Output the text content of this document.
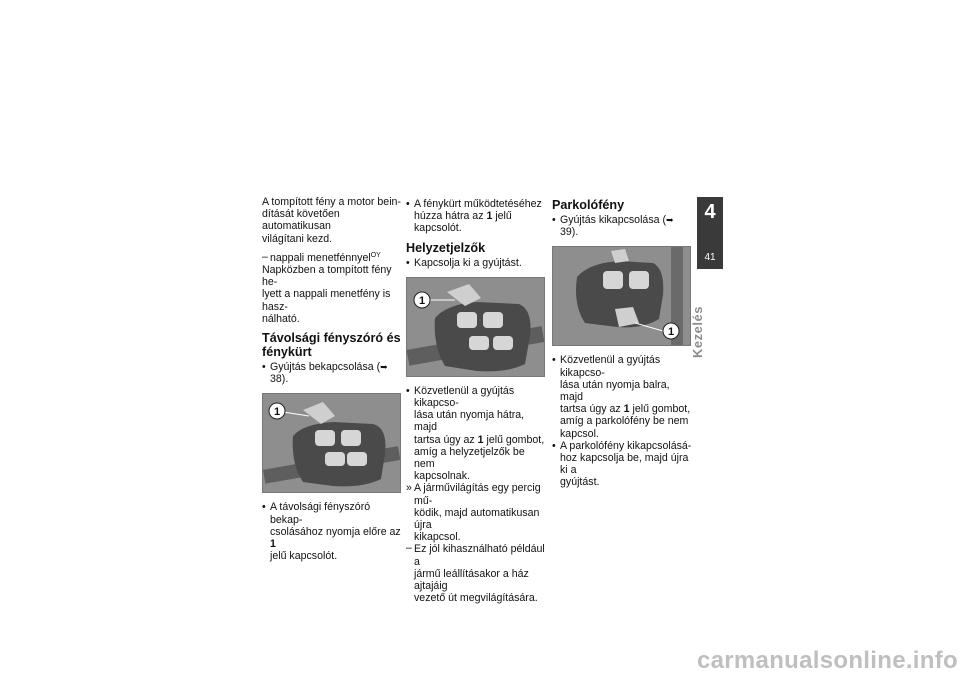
A tompított fény a motor bein-
dítását követően automatikusan
világítani kezd.

– nappali menetfénnyel$^{OY}$

Napközben a tompított fény he-
lyett a nappali menetfény is hasz-
nálható.

Távolsági fényszóró és
fénykürt
• Gyújtás bekapcsolása (➥ 38).
1
• A távolsági fényszóró bekap-
csolásához nyomja előre az 1
jelű kapcsolót.
• A fénykürt működtetéséhez
húzza hátra az 1 jelű kapcsolót.
Helyzetjelzők
• Kapcsolja ki a gyújtást.
1
• Közvetlenül a gyújtás kikapcso-
lása után nyomja hátra, majd
tartsa úgy az 1 jelű gombot,
amíg a helyzetjelzők be nem
kapcsolnak.
» A járművilágítás egy percig mű-
ködik, majd automatikusan újra
kikapcsol.
– Ez jól kihasználható például a
jármű leállításakor a ház ajtajáig
vezető út megvilágítására.
Parkolófény
• Gyújtás kikapcsolása (➥ 39).
1
• Közvetlenül a gyújtás kikapcso-
lása után nyomja balra, majd
tartsa úgy az 1 jelű gombot,
amíg a parkolófény be nem
kapcsol.
• A parkolófény kikapcsolásá-
hoz kapcsolja be, majd újra ki a
gyújtást.
4
41
Kezelés
carmanualsonline.info
